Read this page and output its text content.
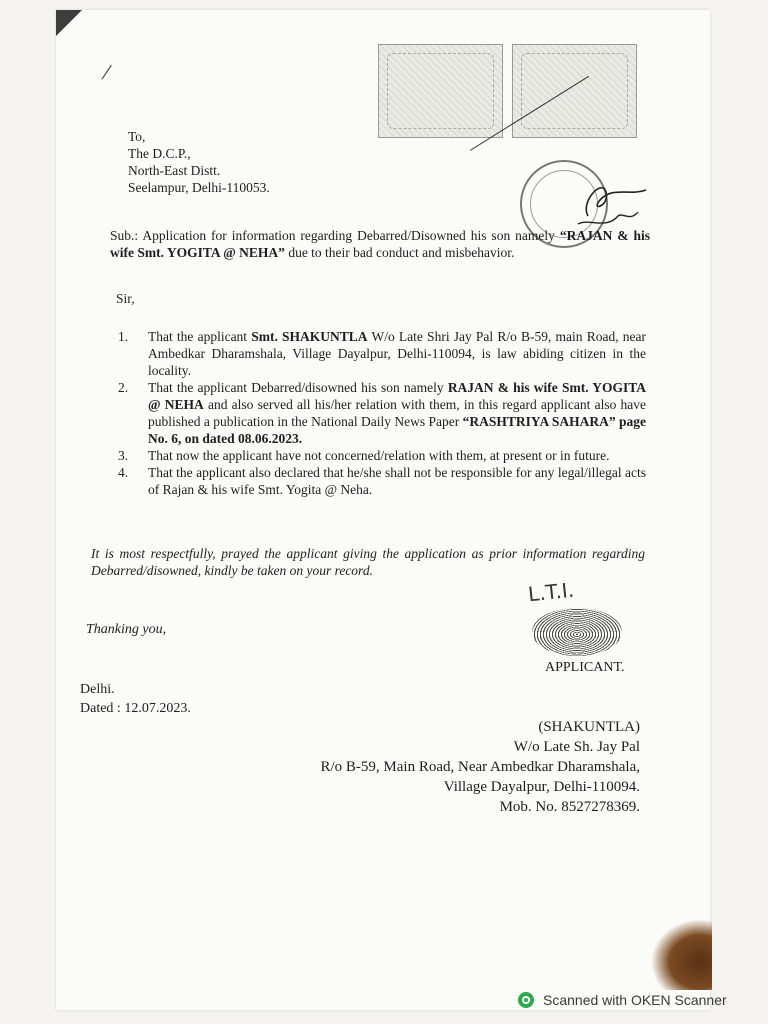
/
To,
The D.C.P.,
North-East Distt.
Seelampur, Delhi-110053.
Sub.: Application for information regarding Debarred/Disowned his son namely “RAJAN & his wife Smt. YOGITA @ NEHA” due to their bad conduct and misbehavior.
Sir,
1.	That the applicant Smt. SHAKUNTLA W/o Late Shri Jay Pal R/o B-59, main Road, near Ambedkar Dharamshala, Village Dayalpur, Delhi-110094, is law abiding citizen in the locality.
2.	That the applicant Debarred/disowned his son namely RAJAN & his wife Smt. YOGITA @ NEHA and also served all his/her relation with them, in this regard applicant also have published a publication in the National Daily News Paper “RASHTRIYA SAHARA” page No. 6, on dated 08.06.2023.
3.	That now the applicant have not concerned/relation with them, at present or in future.
4.	That the applicant also declared that he/she shall not be responsible for any legal/illegal acts of Rajan & his wife Smt. Yogita @ Neha.
It is most respectfully, prayed the applicant giving the application as prior information regarding Debarred/disowned, kindly be taken on your record.
Thanking you,
L.T.I.
APPLICANT.
Delhi.
Dated : 12.07.2023.
(SHAKUNTLA)
W/o Late Sh. Jay Pal
R/o B-59, Main Road, Near Ambedkar Dharamshala,
Village Dayalpur, Delhi-110094.
Mob. No. 8527278369.
Scanned with OKEN Scanner
